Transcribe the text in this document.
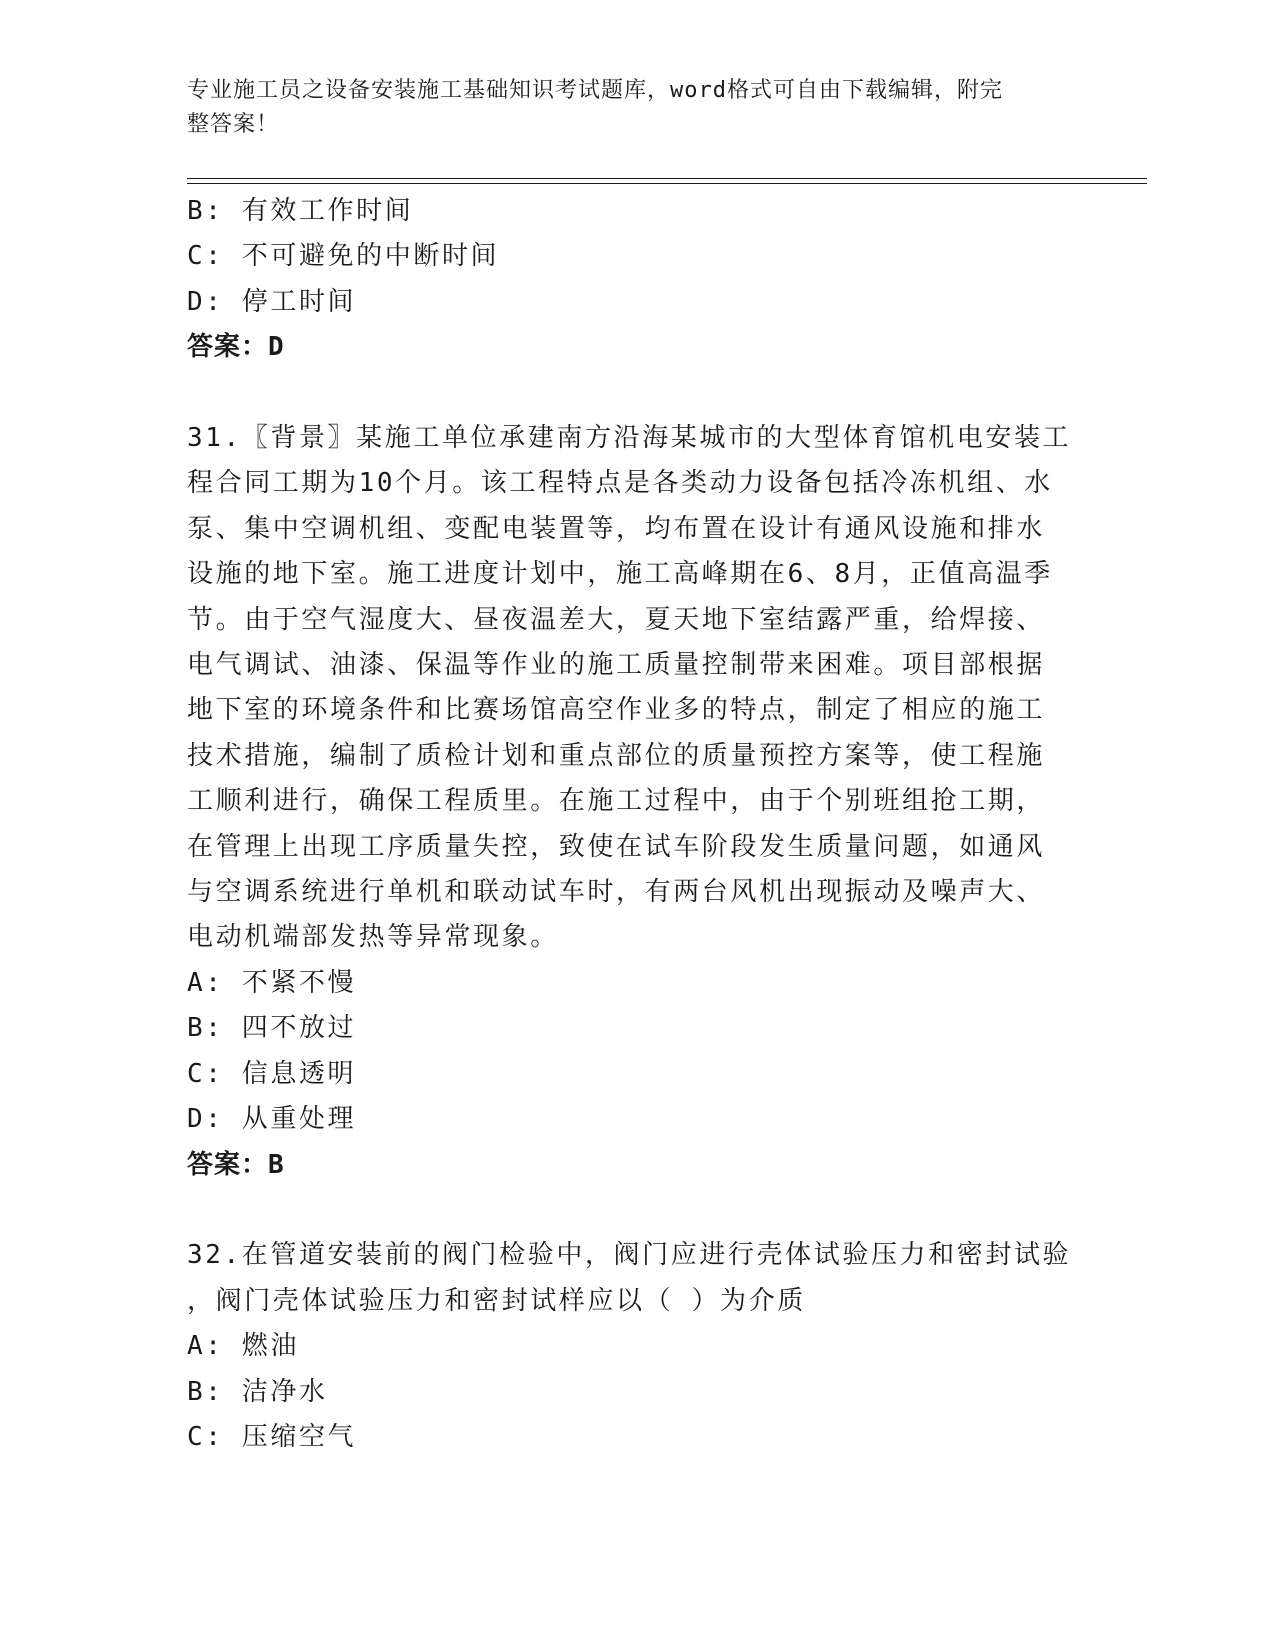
专业施工员之设备安装施工基础知识考试题库，word格式可自由下载编辑，附完
整答案！
B: 有效工作时间
C: 不可避免的中断时间
D: 停工时间
答案：D
31.〖背景〗某施工单位承建南方沿海某城市的大型体育馆机电安装工
程合同工期为10个月。该工程特点是各类动力设备包括冷冻机组、水
泵、集中空调机组、变配电装置等，均布置在设计有通风设施和排水
设施的地下室。施工进度计划中，施工高峰期在6、8月，正值高温季
节。由于空气湿度大、昼夜温差大，夏天地下室结露严重，给焊接、
电气调试、油漆、保温等作业的施工质量控制带来困难。项目部根据
地下室的环境条件和比赛场馆高空作业多的特点，制定了相应的施工
技术措施，编制了质检计划和重点部位的质量预控方案等，使工程施
工顺利进行，确保工程质里。在施工过程中，由于个别班组抢工期，
在管理上出现工序质量失控，致使在试车阶段发生质量问题，如通风
与空调系统进行单机和联动试车时，有两台风机出现振动及噪声大、
电动机端部发热等异常现象。
A: 不紧不慢
B: 四不放过
C: 信息透明
D: 从重处理
答案：B
32.在管道安装前的阀门检验中，阀门应进行壳体试验压力和密封试验
，阀门壳体试验压力和密封试样应以（ ）为介质
A: 燃油
B: 洁净水
C: 压缩空气
